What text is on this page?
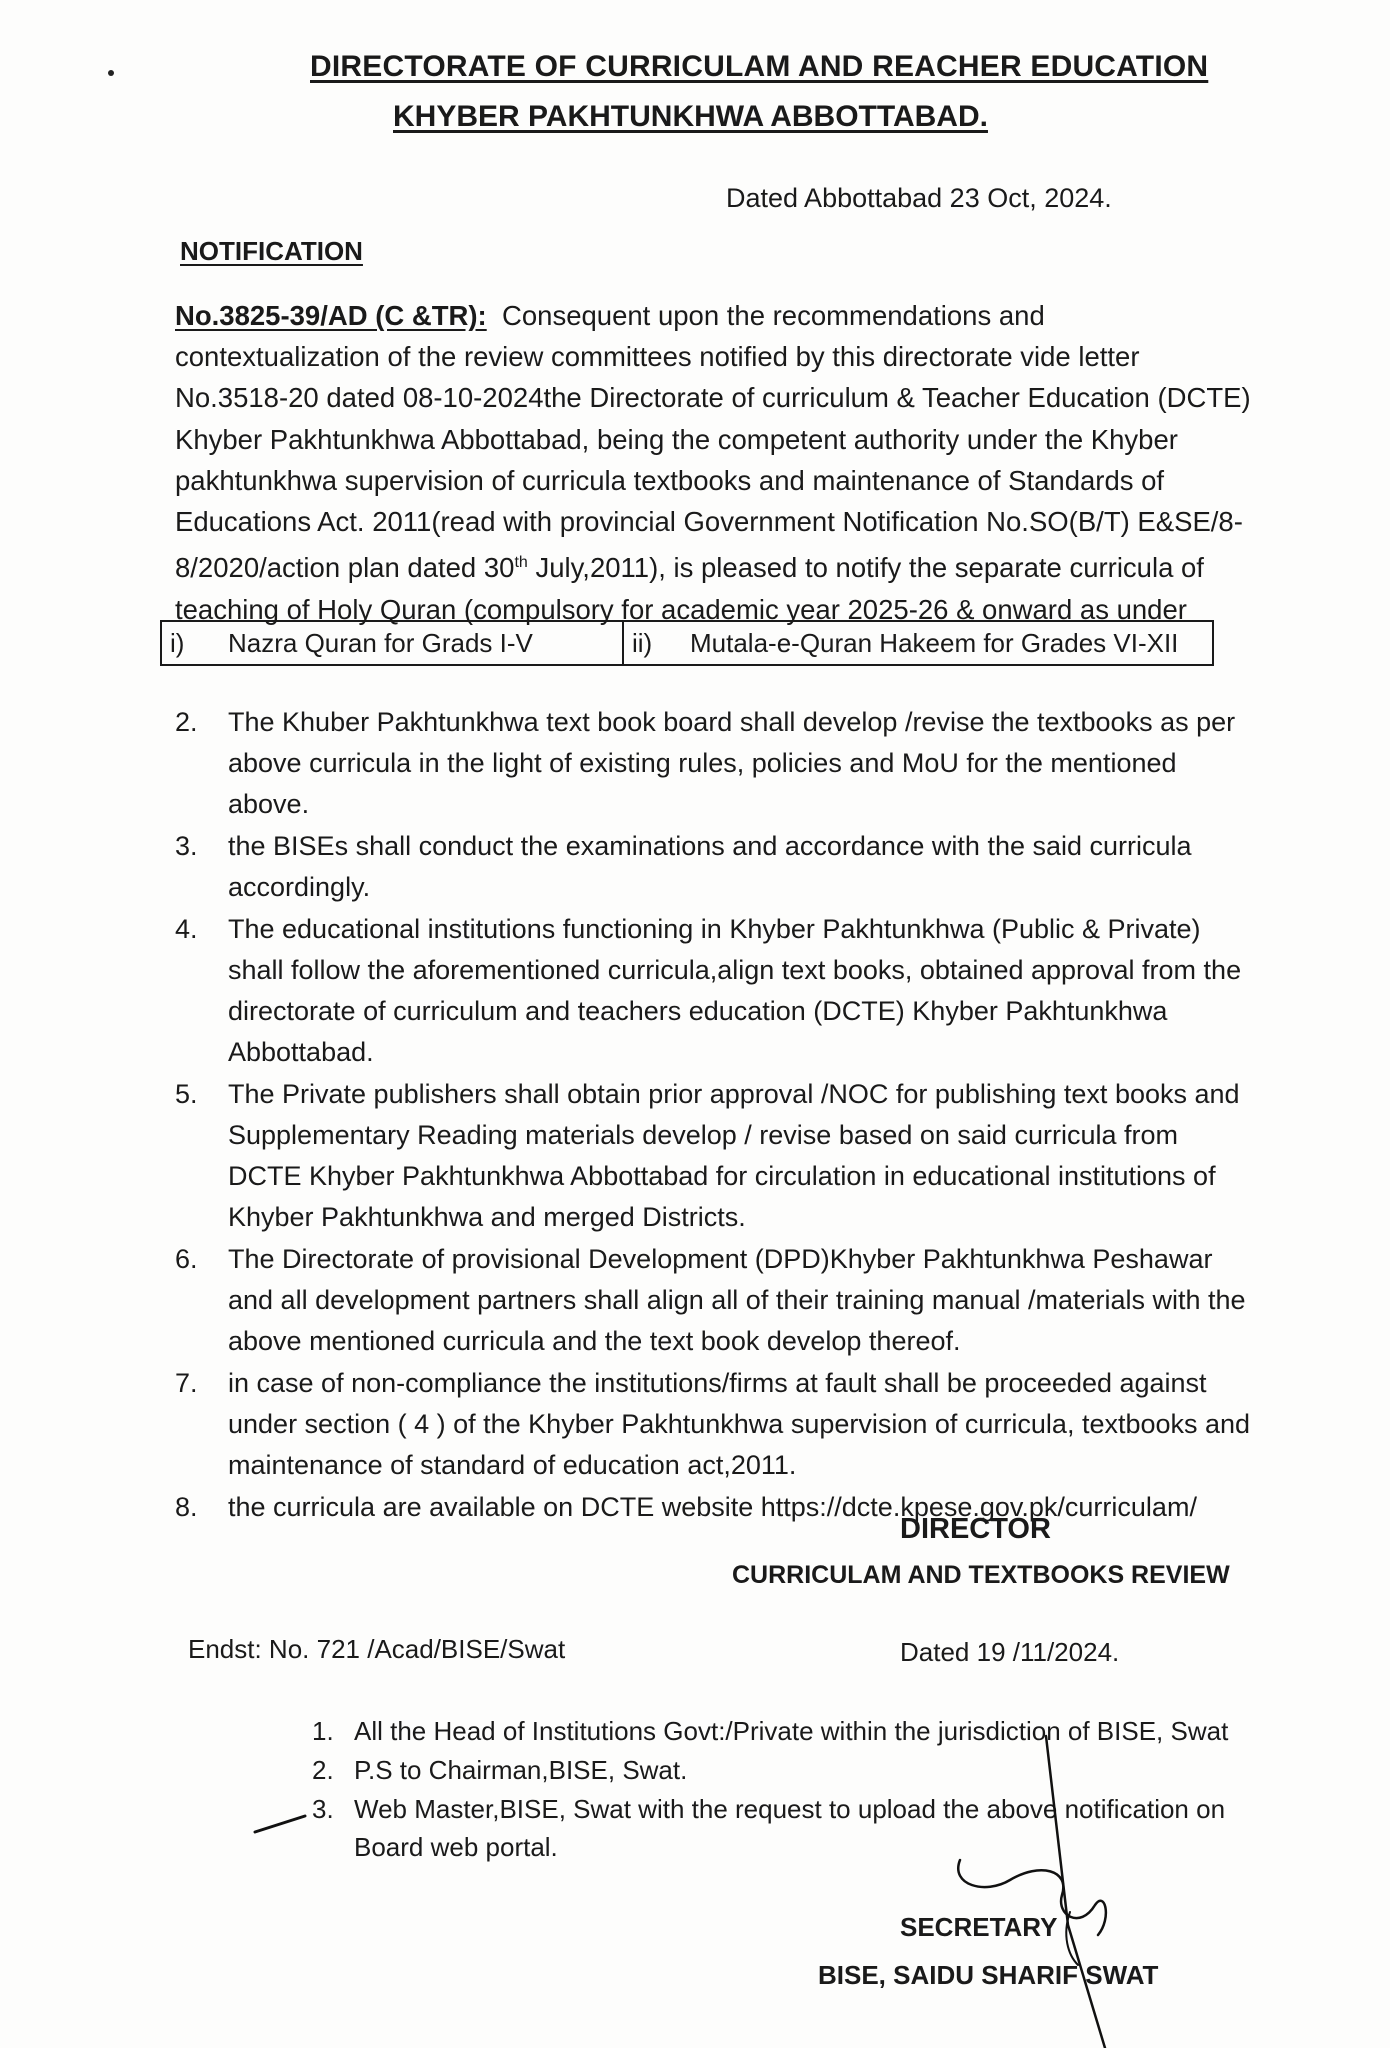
DIRECTORATE OF CURRICULAM AND REACHER EDUCATION
KHYBER PAKHTUNKHWA ABBOTTABAD.
Dated Abbottabad 23 Oct, 2024.
NOTIFICATION
No.3825-39/AD (C &TR): Consequent upon the recommendations and contextualization of the review committees notified by this directorate vide letter No.3518-20 dated 08-10-2024the Directorate of curriculum & Teacher Education (DCTE) Khyber Pakhtunkhwa Abbottabad, being the competent authority under the Khyber pakhtunkhwa supervision of curricula textbooks and maintenance of Standards of Educations Act. 2011(read with provincial Government Notification No.SO(B/T) E&SE/8-8/2020/action plan dated 30th July,2011), is pleased to notify the separate curricula of teaching of Holy Quran (compulsory for academic year 2025-26 & onward as under
i)	Nazra Quran for Grads I-V	ii)	Mutala-e-Quran Hakeem for Grades VI-XII
2.	The Khuber Pakhtunkhwa text book board shall develop /revise the textbooks as per above curricula in the light of existing rules, policies and MoU for the mentioned above.
3.	the BISEs shall conduct the examinations and accordance with the said curricula accordingly.
4.	The educational institutions functioning in Khyber Pakhtunkhwa (Public & Private) shall follow the aforementioned curricula,align text books, obtained approval from the directorate of curriculum and teachers education (DCTE) Khyber Pakhtunkhwa Abbottabad.
5.	The Private publishers shall obtain prior approval /NOC for publishing text books and Supplementary Reading materials develop / revise based on said curricula from DCTE Khyber Pakhtunkhwa Abbottabad for circulation in educational institutions of Khyber Pakhtunkhwa and merged Districts.
6.	The Directorate of provisional Development (DPD)Khyber Pakhtunkhwa Peshawar and all development partners shall align all of their training manual /materials with the above mentioned curricula and the text book develop thereof.
7.	in case of non-compliance the institutions/firms at fault shall be proceeded against under section ( 4 ) of the Khyber Pakhtunkhwa supervision of curricula, textbooks and maintenance of standard of education act,2011.
8.	the curricula are available on DCTE website https://dcte.kpese.gov.pk/curriculam/
DIRECTOR
CURRICULAM AND TEXTBOOKS REVIEW
Endst: No. 721 /Acad/BISE/Swat	Dated 19 /11/2024.
1. All the Head of Institutions Govt:/Private within the jurisdiction of BISE, Swat
2. P.S to Chairman,BISE, Swat.
3. Web Master,BISE, Swat with the request to upload the above notification on Board web portal.
SECRETARY
BISE, SAIDU SHARIF SWAT
